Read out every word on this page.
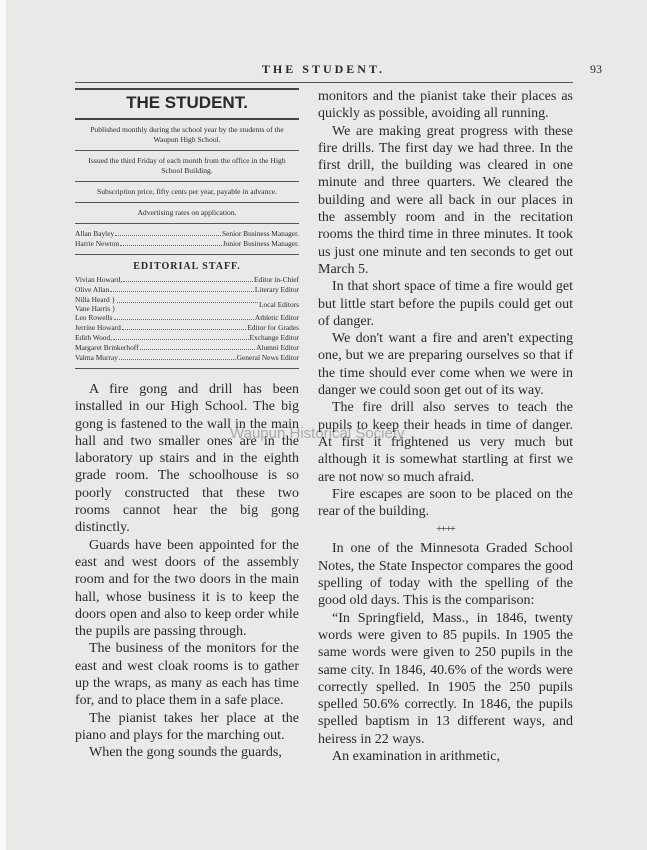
THE STUDENT.	93
THE STUDENT.
Published monthly during the school year by the students of the Waupun High School.
Issued the third Friday of each month from the office in the High School Building.
Subscription price, fifty cents per year, payable in advance.
Advertising rates on application.
Allan Bayley	Senior Business Manager.
Harrie Newton	Junior Business Manager.
EDITORIAL STAFF.
Vivian Howard,	Editor in-Chief
Olive Allan	Literary Editor
Nilla Heard }
Vane Harris }	Local Editors
Leo Rowells	Athletic Editor
Jerrine Howard	Editor for Grades
Edith Wood,	Exchange Editor
Margaret Brinkerhoff	Alumni Editor
Valma Murray	General News Editor

A fire gong and drill has been installed in our High School. The big gong is fastened to the wall in the main hall and two smaller ones are in the laboratory up stairs and in the eighth grade room. The schoolhouse is so poorly constructed that these two rooms cannot hear the big gong distinctly.

Guards have been appointed for the east and west doors of the assembly room and for the two doors in the main hall, whose business it is to keep the doors open and also to keep order while the pupils are passing through.

The business of the monitors for the east and west cloak rooms is to gather up the wraps, as many as each has time for, and to place them in a safe place.

The pianist takes her place at the piano and plays for the marching out.

When the gong sounds the guards,

monitors and the pianist take their places as quickly as possible, avoiding all running.

We are making great progress with these fire drills. The first day we had three. In the first drill, the building was cleared in one minute and three quarters. We cleared the building and were all back in our places in the assembly room and in the recitation rooms the third time in three minutes. It took us just one minute and ten seconds to get out March 5.

In that short space of time a fire would get but little start before the pupils could get out of danger.

We don't want a fire and aren't expecting one, but we are preparing ourselves so that if the time should ever come when we were in danger we could soon get out of its way.

The fire drill also serves to teach the pupils to keep their heads in time of danger. At first it frightened us very much but although it is somewhat startling at first we are not now so much afraid.

Fire escapes are soon to be placed on the rear of the building.

++++

In one of the Minnesota Graded School Notes, the State Inspector compares the good spelling of today with the spelling of the good old days. This is the comparison:

“In Springfield, Mass., in 1846, twenty words were given to 85 pupils. In 1905 the same words were given to 250 pupils in the same city. In 1846, 40.6% of the words were correctly spelled. In 1905 the 250 pupils spelled 50.6% correctly. In 1846, the pupils spelled baptism in 13 different ways, and heiress in 22 ways.

An examination in arithmetic,

Waupun Historical Society
